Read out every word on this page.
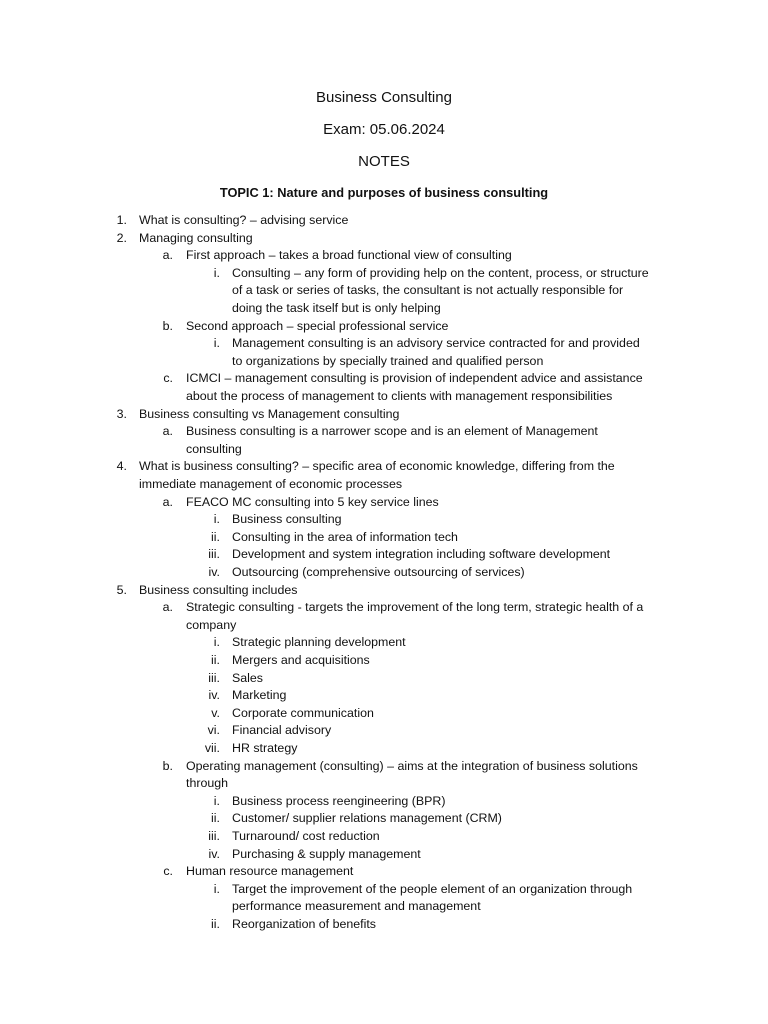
Business Consulting
Exam: 05.06.2024
NOTES
TOPIC 1: Nature and purposes of business consulting
1. What is consulting? – advising service
2. Managing consulting
a. First approach – takes a broad functional view of consulting
i. Consulting – any form of providing help on the content, process, or structure
of a task or series of tasks, the consultant is not actually responsible for
doing the task itself but is only helping
b. Second approach – special professional service
i. Management consulting is an advisory service contracted for and provided
to organizations by specially trained and qualified person
c. ICMCI – management consulting is provision of independent advice and assistance
about the process of management to clients with management responsibilities
3. Business consulting vs Management consulting
a. Business consulting is a narrower scope and is an element of Management
consulting
4. What is business consulting? – specific area of economic knowledge, differing from the
immediate management of economic processes
a. FEACO MC consulting into 5 key service lines
i. Business consulting
ii. Consulting in the area of information tech
iii. Development and system integration including software development
iv. Outsourcing (comprehensive outsourcing of services)
5. Business consulting includes
a. Strategic consulting - targets the improvement of the long term, strategic health of a
company
i. Strategic planning development
ii. Mergers and acquisitions
iii. Sales
iv. Marketing
v. Corporate communication
vi. Financial advisory
vii. HR strategy
b. Operating management (consulting) – aims at the integration of business solutions
through
i. Business process reengineering (BPR)
ii. Customer/ supplier relations management (CRM)
iii. Turnaround/ cost reduction
iv. Purchasing & supply management
c. Human resource management
i. Target the improvement of the people element of an organization through
performance measurement and management
ii. Reorganization of benefits
